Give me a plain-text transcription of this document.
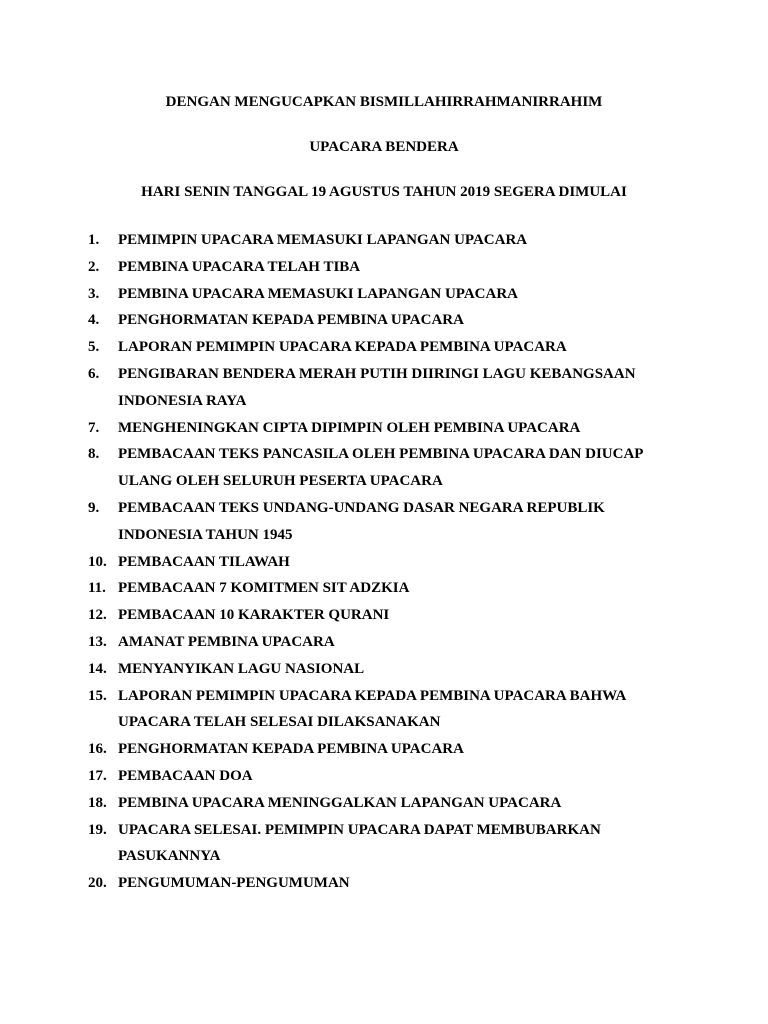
DENGAN MENGUCAPKAN BISMILLAHIRRAHMANIRRAHIM
UPACARA BENDERA
HARI SENIN TANGGAL 19 AGUSTUS TAHUN 2019 SEGERA DIMULAI
1.	PEMIMPIN UPACARA MEMASUKI LAPANGAN UPACARA
2.	PEMBINA UPACARA TELAH TIBA
3.	PEMBINA UPACARA MEMASUKI LAPANGAN UPACARA
4.	PENGHORMATAN KEPADA PEMBINA UPACARA
5.	LAPORAN PEMIMPIN UPACARA KEPADA PEMBINA UPACARA
6.	PENGIBARAN BENDERA MERAH PUTIH DIIRINGI LAGU KEBANGSAAN INDONESIA RAYA
7.	MENGHENINGKAN CIPTA DIPIMPIN OLEH PEMBINA UPACARA
8.	PEMBACAAN TEKS PANCASILA OLEH PEMBINA UPACARA DAN DIUCAP ULANG OLEH SELURUH PESERTA UPACARA
9.	PEMBACAAN TEKS UNDANG-UNDANG DASAR NEGARA REPUBLIK INDONESIA TAHUN 1945
10. PEMBACAAN TILAWAH
11. PEMBACAAN 7 KOMITMEN SIT ADZKIA
12. PEMBACAAN 10 KARAKTER QURANI
13. AMANAT PEMBINA UPACARA
14. MENYANYIKAN LAGU NASIONAL
15. LAPORAN PEMIMPIN UPACARA KEPADA PEMBINA UPACARA BAHWA UPACARA TELAH SELESAI DILAKSANAKAN
16. PENGHORMATAN KEPADA PEMBINA UPACARA
17. PEMBACAAN DOA
18. PEMBINA UPACARA MENINGGALKAN LAPANGAN UPACARA
19. UPACARA SELESAI. PEMIMPIN UPACARA DAPAT MEMBUBARKAN PASUKANNYA
20. PENGUMUMAN-PENGUMUMAN
